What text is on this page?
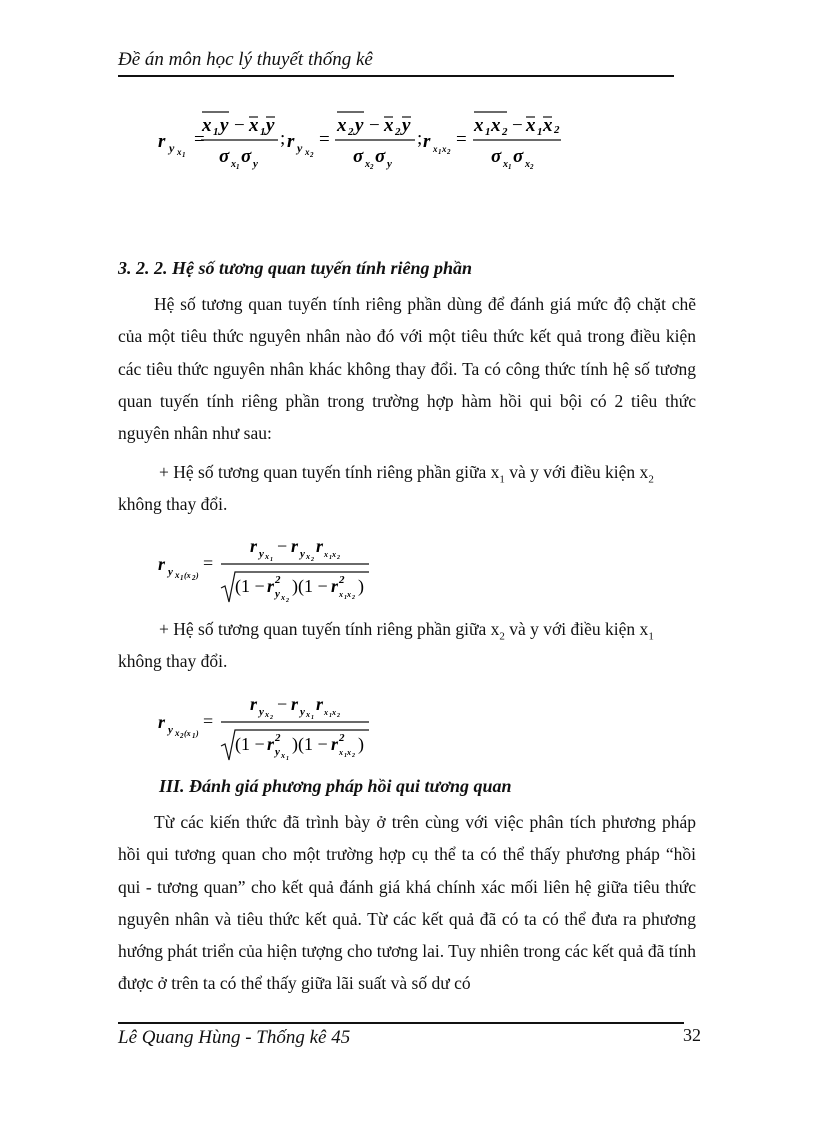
Đề án môn học lý thuyết thống kê
r y x 1
=
x 1 y − x 1 y
σ x 1 σ y
; r y x 2
=
x 2 y − x 2 y
σ x 2 σ y
; r x 1 x 2
=
x 1 x 2 − x 1 x 2
σ x 1 σ x 2
3. 2. 2. Hệ số tương quan tuyến tính riêng phần
Hệ số tương quan tuyến tính riêng phần dùng để đánh giá mức độ chặt chẽ của một tiêu thức nguyên nhân nào đó với một tiêu thức kết quả trong điều kiện các tiêu thức nguyên nhân khác không thay đổi. Ta có công thức tính hệ số tương quan tuyến tính riêng phần trong trường hợp hàm hồi qui bội có 2 tiêu thức nguyên nhân như sau:
+ Hệ số tương quan tuyến tính riêng phần giữa $x_1$ và y với điều kiện $x_2$
không thay đổi.
r y x 1 (x 2 )
=
r y x 1
− r y x 2
r x 1 x 2
(1 − r 2
y x 2
)(1 − r 2
x 1 x 2
)
+ Hệ số tương quan tuyến tính riêng phần giữa $x_2$ và y với điều kiện $x_1$
không thay đổi.
r y x 2 (x 1 )
=
r y x 2
− r y x 1
r x 1 x 2
(1 − r 2
y x 1
)(1 − r 2
x 1 x 2
)
III. Đánh giá phương pháp hồi qui tương quan
Từ các kiến thức đã trình bày ở trên cùng với việc phân tích phương pháp hồi qui tương quan cho một trường hợp cụ thể ta có thể thấy phương pháp “hồi qui - tương quan” cho kết quả đánh giá khá chính xác mối liên hệ giữa tiêu thức nguyên nhân và tiêu thức kết quả. Từ các kết quả đã có ta có thể đưa ra phương hướng phát triển của hiện tượng cho tương lai. Tuy nhiên trong các kết quả đã tính được ở trên ta có thể thấy giữa lãi suất và số dư có
Lê Quang Hùng - Thống kê 45	32
